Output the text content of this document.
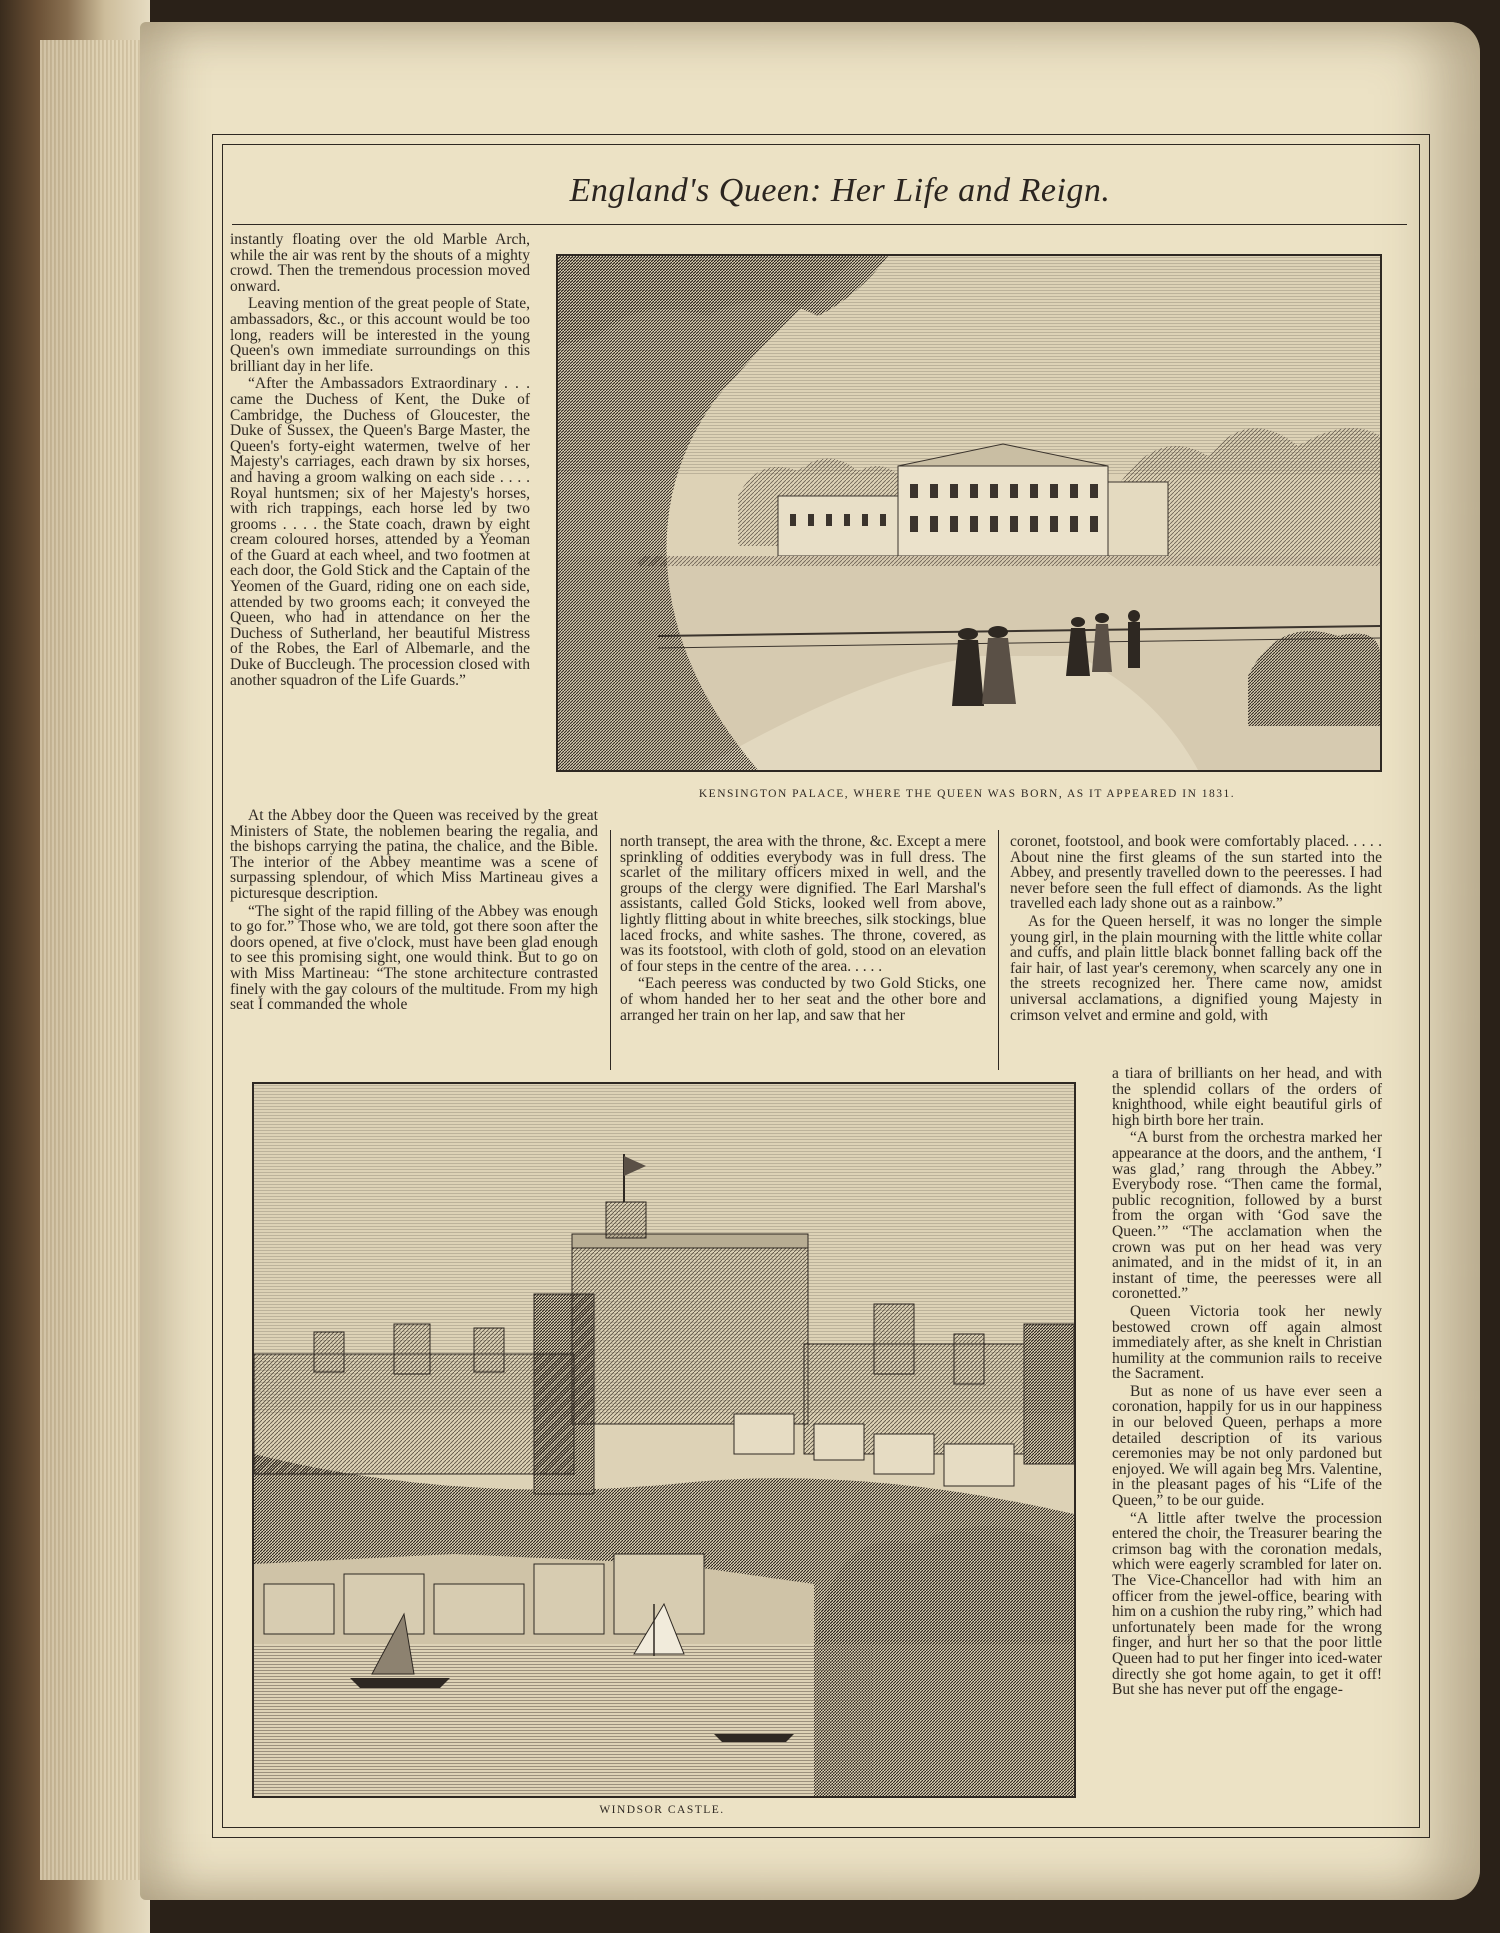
England's Queen: Her Life and Reign.

instantly floating over the old Marble Arch, while the air was rent by the shouts of a mighty crowd. Then the tremendous procession moved onward.

Leaving mention of the great people of State, ambassadors, &c., or this account would be too long, readers will be interested in the young Queen's own immediate surroundings on this brilliant day in her life.

“After the Ambassadors Extraordinary . . . came the Duchess of Kent, the Duke of Cambridge, the Duchess of Gloucester, the Duke of Sussex, the Queen's Barge Master, the Queen's forty-eight watermen, twelve of her Majesty's carriages, each drawn by six horses, and having a groom walking on each side . . . . Royal huntsmen; six of her Majesty's horses, with rich trappings, each horse led by two grooms . . . . the State coach, drawn by eight cream coloured horses, attended by a Yeoman of the Guard at each wheel, and two footmen at each door, the Gold Stick and the Captain of the Yeomen of the Guard, riding one on each side, attended by two grooms each; it conveyed the Queen, who had in attendance on her the Duchess of Sutherland, her beautiful Mistress of the Robes, the Earl of Albemarle, and the Duke of Buccleugh. The procession closed with another squadron of the Life Guards.”

At the Abbey door the Queen was received by the great Ministers of State, the noblemen bearing the regalia, and the bishops carrying the patina, the chalice, and the Bible. The interior of the Abbey meantime was a scene of surpassing splendour, of which Miss Martineau gives a picturesque description.

“The sight of the rapid filling of the Abbey was enough to go for.” Those who, we are told, got there soon after the doors opened, at five o'clock, must have been glad enough to see this promising sight, one would think. But to go on with Miss Martineau: “The stone architecture contrasted finely with the gay colours of the multitude. From my high seat I commanded the whole

north transept, the area with the throne, &c. Except a mere sprinkling of oddities everybody was in full dress. The scarlet of the military officers mixed in well, and the groups of the clergy were dignified. The Earl Marshal's assistants, called Gold Sticks, looked well from above, lightly flitting about in white breeches, silk stockings, blue laced frocks, and white sashes. The throne, covered, as was its footstool, with cloth of gold, stood on an elevation of four steps in the centre of the area. . . . .

“Each peeress was conducted by two Gold Sticks, one of whom handed her to her seat and the other bore and arranged her train on her lap, and saw that her

coronet, footstool, and book were comfortably placed. . . . . About nine the first gleams of the sun started into the Abbey, and presently travelled down to the peeresses. I had never before seen the full effect of diamonds. As the light travelled each lady shone out as a rainbow.”

As for the Queen herself, it was no longer the simple young girl, in the plain mourning with the little white collar and cuffs, and plain little black bonnet falling back off the fair hair, of last year's ceremony, when scarcely any one in the streets recognized her. There came now, amidst universal acclamations, a dignified young Majesty in crimson velvet and ermine and gold, with

a tiara of brilliants on her head, and with the splendid collars of the orders of knighthood, while eight beautiful girls of high birth bore her train.

“A burst from the orchestra marked her appearance at the doors, and the anthem, ‘I was glad,’ rang through the Abbey.” Everybody rose. “Then came the formal, public recognition, followed by a burst from the organ with ‘God save the Queen.’” “The acclamation when the crown was put on her head was very animated, and in the midst of it, in an instant of time, the peeresses were all coronetted.”

Queen Victoria took her newly bestowed crown off again almost immediately after, as she knelt in Christian humility at the communion rails to receive the Sacrament.

But as none of us have ever seen a coronation, happily for us in our happiness in our beloved Queen, perhaps a more detailed description of its various ceremonies may be not only pardoned but enjoyed. We will again beg Mrs. Valentine, in the pleasant pages of his “Life of the Queen,” to be our guide.

“A little after twelve the procession entered the choir, the Treasurer bearing the crimson bag with the coronation medals, which were eagerly scrambled for later on. The Vice-Chancellor had with him an officer from the jewel-office, bearing with him on a cushion the ruby ring,” which had unfortunately been made for the wrong finger, and hurt her so that the poor little Queen had to put her finger into iced-water directly she got home again, to get it off! But she has never put off the engage-

KENSINGTON PALACE, WHERE THE QUEEN WAS BORN, AS IT APPEARED IN 1831.
WINDSOR CASTLE.
